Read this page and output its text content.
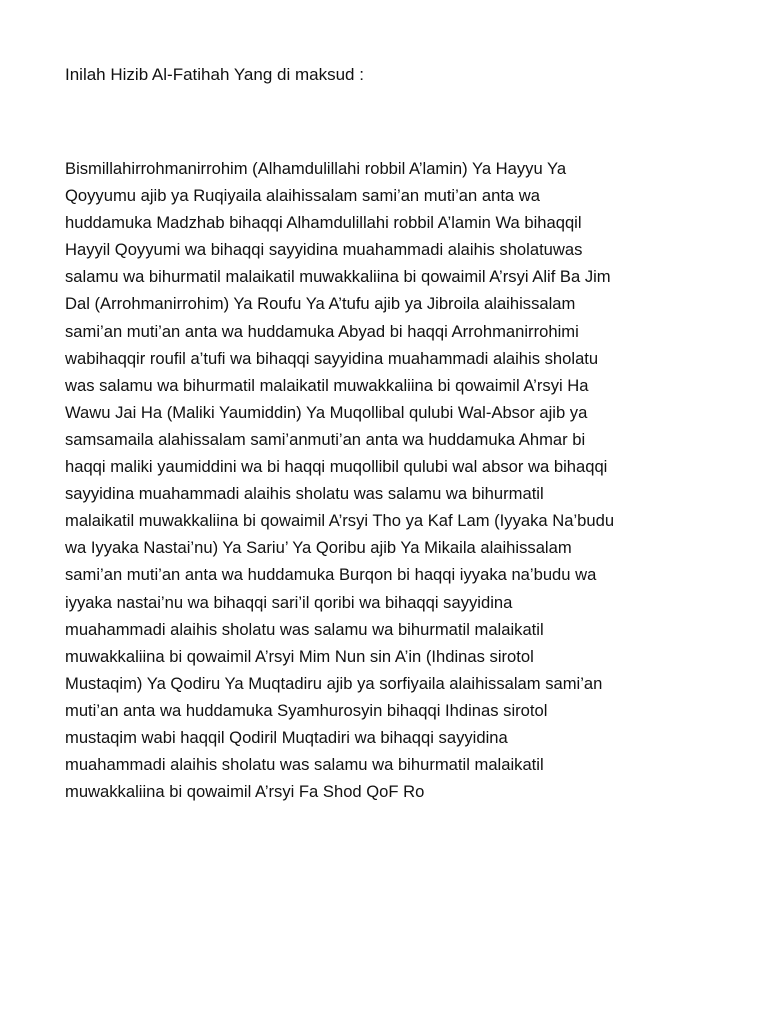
Inilah Hizib Al-Fatihah Yang di maksud :
Bismillahirrohmanirrohim (Alhamdulillahi robbil A’lamin) Ya Hayyu Ya
Qoyyumu ajib ya Ruqiyaila alaihissalam sami’an muti’an anta wa
huddamuka Madzhab bihaqqi Alhamdulillahi robbil A’lamin Wa bihaqqil
Hayyil Qoyyumi wa bihaqqi sayyidina muahammadi alaihis sholatuwas
salamu wa bihurmatil malaikatil muwakkaliina bi qowaimil A’rsyi Alif Ba Jim
Dal (Arrohmanirrohim) Ya Roufu Ya A’tufu ajib ya Jibroila alaihissalam
sami’an muti’an anta wa huddamuka Abyad bi haqqi Arrohmanirrohimi
wabihaqqir roufil a’tufi wa bihaqqi sayyidina muahammadi alaihis sholatu
was salamu wa bihurmatil malaikatil muwakkaliina bi qowaimil A’rsyi Ha
Wawu Jai Ha (Maliki Yaumiddin) Ya Muqollibal qulubi Wal-Absor ajib ya
samsamaila alahissalam sami’anmuti’an anta wa huddamuka Ahmar bi
haqqi maliki yaumiddini wa bi haqqi muqollibil qulubi wal absor wa bihaqqi
sayyidina muahammadi alaihis sholatu was salamu wa bihurmatil
malaikatil muwakkaliina bi qowaimil A’rsyi Tho ya Kaf Lam (Iyyaka Na’budu
wa Iyyaka Nastai’nu) Ya Sariu’ Ya Qoribu ajib Ya Mikaila alaihissalam
sami’an muti’an anta wa huddamuka Burqon bi haqqi iyyaka na’budu wa
iyyaka nastai’nu wa bihaqqi sari’il qoribi wa bihaqqi sayyidina
muahammadi alaihis sholatu was salamu wa bihurmatil malaikatil
muwakkaliina bi qowaimil A’rsyi Mim Nun sin A’in (Ihdinas sirotol
Mustaqim) Ya Qodiru Ya Muqtadiru ajib ya sorfiyaila alaihissalam sami’an
muti’an anta wa huddamuka Syamhurosyin bihaqqi Ihdinas sirotol
mustaqim wabi haqqil Qodiril Muqtadiri wa bihaqqi sayyidina
muahammadi alaihis sholatu was salamu wa bihurmatil malaikatil
muwakkaliina bi qowaimil A’rsyi Fa Shod QoF Ro
